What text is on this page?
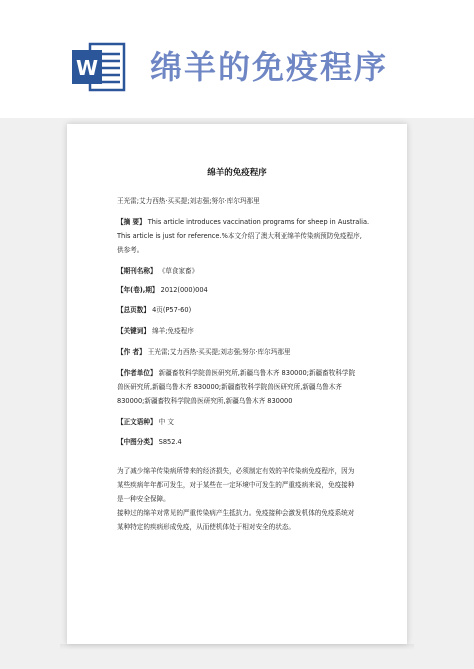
W 绵羊的免疫程序
绵羊的免疫程序
王光雷;艾力西热·买买提;刘志强;努尔·库尔玛那里
【摘 要】 This article introduces vaccination programs for sheep in Australia.
This article is just for reference.%本文介绍了澳大利亚绵羊传染病预防免疫程序,
供参考。
【期刊名称】 《草食家畜》
【年(卷),期】 2012(000)004
【总页数】 4页(P57-60)
【关键词】 绵羊;免疫程序
【作 者】 王光雷;艾力西热·买买提;刘志强;努尔·库尔玛那里
【作者单位】 新疆畜牧科学院兽医研究所,新疆乌鲁木齐 830000;新疆畜牧科学院
兽医研究所,新疆乌鲁木齐 830000;新疆畜牧科学院兽医研究所,新疆乌鲁木齐
830000;新疆畜牧科学院兽医研究所,新疆乌鲁木齐 830000
【正文语种】 中 文
【中图分类】 S852.4
为了减少绵羊传染病所带来的经济损失，必须制定有效的羊传染病免疫程序，因为
某些疾病年年都可发生，对于某些在一定环境中可发生的严重疫病来说，免疫接种
是一种安全保障。
接种过的绵羊对常见的严重传染病产生抵抗力。免疫接种会激发机体的免疫系统对
某种特定的疾病形成免疫，从而使机体处于相对安全的状态。
